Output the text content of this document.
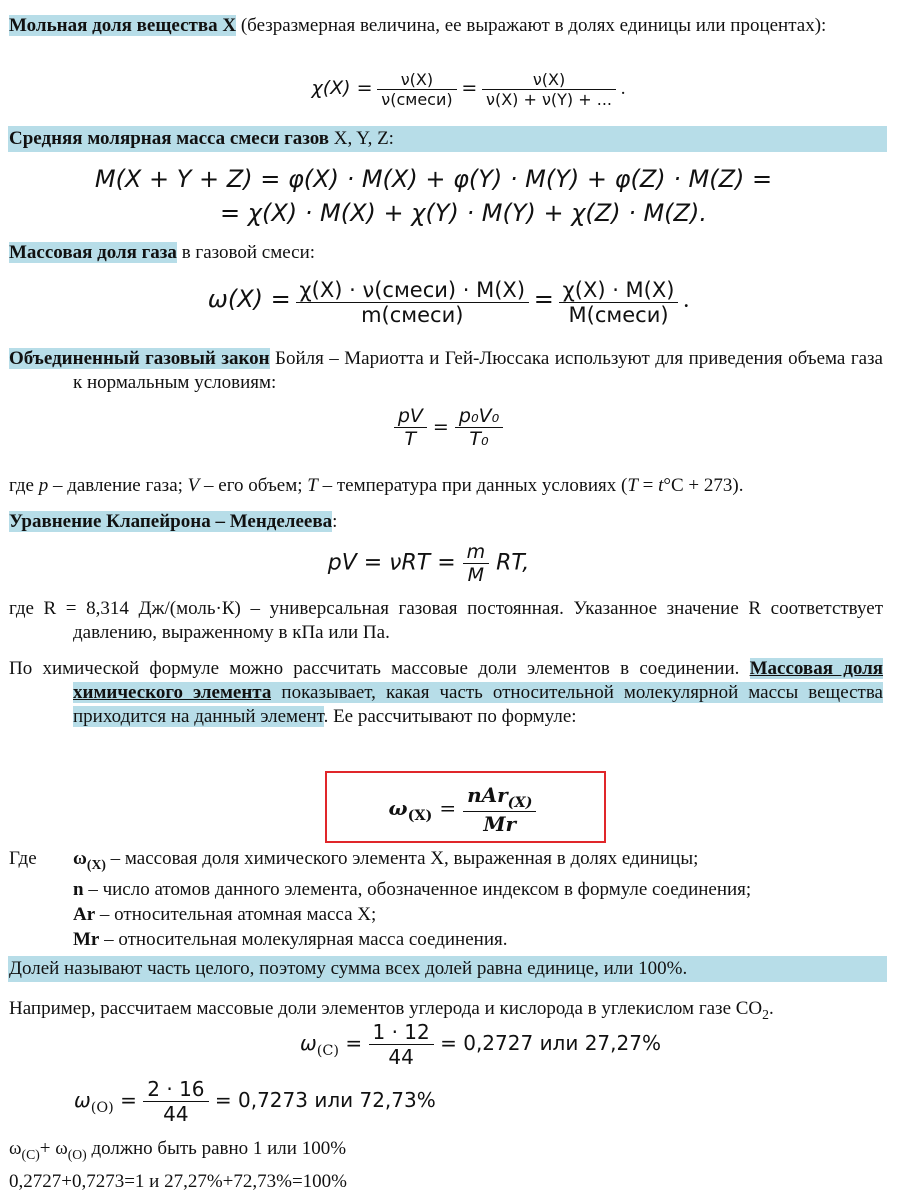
Мольная доля вещества X (безразмерная величина, ее выражают в долях единицы или процентах):
$\chi(X) = \frac{\nu(X)}{\text{ν(смеси)}} = \frac{\nu(X)}{\nu(X) + \nu(Y) + ...}$ .
Средняя молярная масса смеси газов X, Y, Z:
M(X + Y + Z) = φ(X) · M(X) + φ(Y) · M(Y) + φ(Z) · M(Z) =
= χ(X) · M(X) + χ(Y) · M(Y) + χ(Z) · M(Z).
Массовая доля газа в газовой смеси:
$\omega(X) = \frac{\text{χ(X) · ν(смеси) · M(X)}}{\text{m(смеси)}} = \frac{\chi(X) \cdot M(X)}{\text{M(смеси)}}$ .
Объединенный газовый закон Бойля – Мариотта и Гей-Люссака используют для приведения объема газа к нормальным условиям:
$\frac{pV}{T} = \frac{\text{p₀V₀}}{\text{T₀}}$
где p – давление газа; V – его объем; T – температура при данных условиях (T = t°C + 273).
Уравнение Клапейрона – Менделеева:
pV = $\nu RT = \frac{m}{M}$ RT,
где R = 8,314 Дж/(моль·К) – универсальная газовая постоянная. Указанное значение R соответствует давлению, выраженному в кПа или Па.
По химической формуле можно рассчитать массовые доли элементов в соединении. Массовая доля химического элемента показывает, какая часть относительной молекулярной массы вещества приходится на данный элемент. Ее рассчитывают по формуле:
$\omega_{(X)} = \frac{nAr_{(X)}}{Mr}$
Где	$\omega_{(X)}$ – массовая доля химического элемента X, выраженная в долях единицы;
n – число атомов данного элемента, обозначенное индексом в формуле соединения;
Ar – относительная атомная масса X;
Mr – относительная молекулярная масса соединения.
Долей называют часть целого, поэтому сумма всех долей равна единице, или 100%.
Например, рассчитаем массовые доли элементов углерода и кислорода в углекислом газе $CO_2$.
$\omega_{(C)} = \frac{1 \cdot 12}{44} = 0,2727$ или 27,27%
$\omega_{(O)} = \frac{2 \cdot 16}{44} = 0,7273$ или 72,73%
$\omega_{(C)}+ \omega_{(O)}$ должно быть равно 1 или 100%
0,2727+0,7273=1 и 27,27%+72,73%=100%
